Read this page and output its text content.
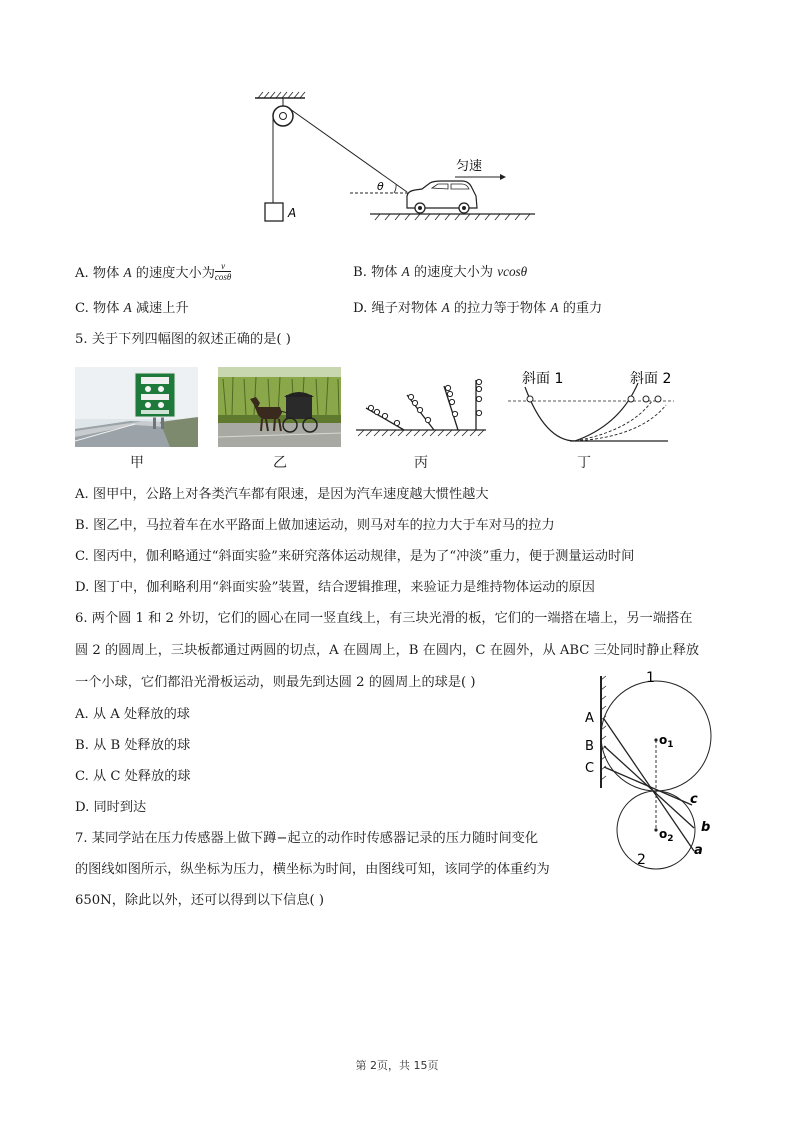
A
θ
匀速
A. 物体 A 的速度大小为 $\frac{v}{\cos\theta}$	B. 物体 A 的速度大小为 vcosθ
C. 物体 A 减速上升	D. 绳子对物体 A 的拉力等于物体 A 的重力
5. 关于下列四幅图的叙述正确的是( )
斜面 1	斜面 2
甲	乙	丙	丁
A. 图甲中，公路上对各类汽车都有限速，是因为汽车速度越大惯性越大
B. 图乙中，马拉着车在水平路面上做加速运动，则马对车的拉力大于车对马的拉力
C. 图丙中，伽利略通过“斜面实验”来研究落体运动规律，是为了“冲淡”重力，便于测量运动时间
D. 图丁中，伽利略利用“斜面实验”装置，结合逻辑推理，来验证力是维持物体运动的原因
6. 两个圆 1 和 2 外切，它们的圆心在同一竖直线上，有三块光滑的板，它们的一端搭在墙上，另一端搭在
圆 2 的圆周上，三块板都通过两圆的切点，A 在圆周上，B 在圆内，C 在圆外，从 ABC 三处同时静止释放
一个小球，它们都沿光滑板运动，则最先到达圆 2 的圆周上的球是( )
A. 从 A 处释放的球
B. 从 B 处释放的球
C. 从 C 处释放的球
D. 同时到达
1
2
A
B
C
$o_1$
$o_2$
c
b
a
7. 某同学站在压力传感器上做下蹲−起立的动作时传感器记录的压力随时间变化
的图线如图所示，纵坐标为压力，横坐标为时间，由图线可知，该同学的体重约为
650N，除此以外，还可以得到以下信息( )
第 2页，共 15页
